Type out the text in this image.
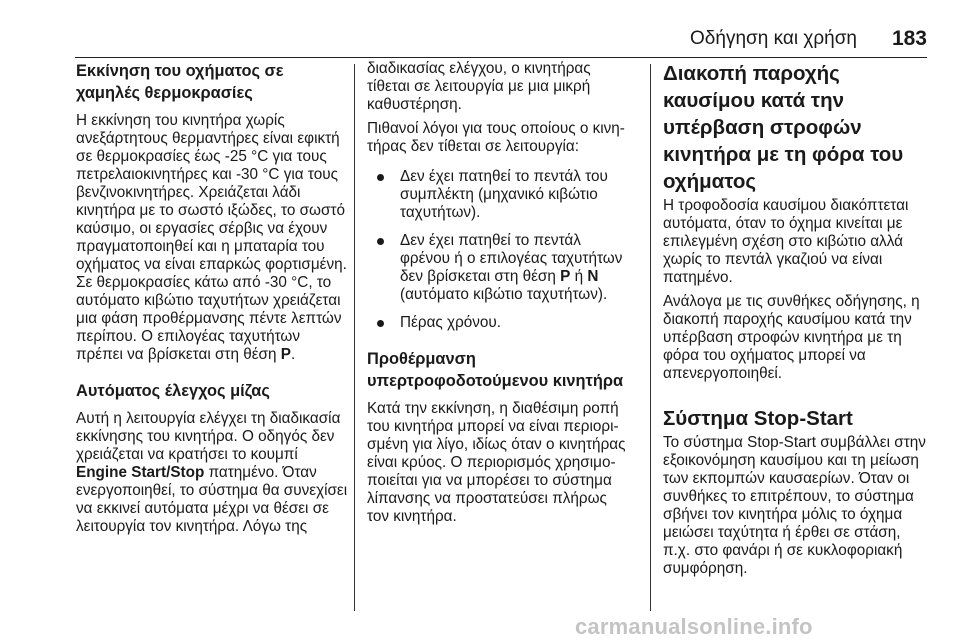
Οδήγηση και χρήση 183
Εκκίνηση του οχήματος σε χαμηλές θερμοκρασίες

Η εκκίνηση του κινητήρα χωρίς ανεξάρτητους θερμαντήρες είναι εφικτή σε θερμοκρασίες έως -25 °C για τους πετρελαιοκινητήρες και -30 °C για τους βενζινοκινητήρες. Χρειάζεται λάδι κινητήρα με το σωστό ιξώδες, το σωστό καύσιμο, οι εργασίες σέρβις να έχουν πραγματοποιηθεί και η μπαταρία του οχήματος να είναι επαρκώς φορτισμένη. Σε θερμοκρασίες κάτω από -30 °C, το αυτόματο κιβώτιο ταχυτήτων χρειάζεται μια φάση προθέρμανσης πέντε λεπτών περίπου. Ο επιλογέας ταχυτήτων πρέπει να βρίσκεται στη θέση P.

Αυτόματος έλεγχος μίζας

Αυτή η λειτουργία ελέγχει τη διαδικασία εκκίνησης του κινητήρα. Ο οδηγός δεν χρειάζεται να κρατήσει το κουμπί Engine Start/Stop πατημένο. Όταν ενεργοποιηθεί, το σύστημα θα συνεχίσει να εκκινεί αυτόματα μέχρι να θέσει σε λειτουργία τον κινητήρα. Λόγω της

διαδικασίας ελέγχου, ο κινητήρας τίθεται σε λειτουργία με μια μικρή καθυστέρηση.

Πιθανοί λόγοι για τους οποίους ο κινητήρας δεν τίθεται σε λειτουργία:

Δεν έχει πατηθεί το πεντάλ του συμπλέκτη (μηχανικό κιβώτιο ταχυτήτων).
Δεν έχει πατηθεί το πεντάλ φρένου ή ο επιλογέας ταχυτήτων δεν βρίσκεται στη θέση P ή N (αυτόματο κιβώτιο ταχυτήτων).
Πέρας χρόνου.
Προθέρμανση υπερτροφοδοτούμενου κινητήρα

Κατά την εκκίνηση, η διαθέσιμη ροπή του κινητήρα μπορεί να είναι περιορισμένη για λίγο, ιδίως όταν ο κινητήρας είναι κρύος. Ο περιορισμός χρησιμοποιείται για να μπορέσει το σύστημα λίπανσης να προστατεύσει πλήρως τον κινητήρα.

Διακοπή παροχής καυσίμου κατά την υπέρβαση στροφών κινητήρα με τη φόρα του οχήματος

Η τροφοδοσία καυσίμου διακόπτεται αυτόματα, όταν το όχημα κινείται με επιλεγμένη σχέση στο κιβώτιο αλλά χωρίς το πεντάλ γκαζιού να είναι πατημένο.

Ανάλογα με τις συνθήκες οδήγησης, η διακοπή παροχής καυσίμου κατά την υπέρβαση στροφών κινητήρα με τη φόρα του οχήματος μπορεί να απενεργοποιηθεί.

Σύστημα Stop-Start

Το σύστημα Stop-Start συμβάλλει στην εξοικονόμηση καυσίμου και τη μείωση των εκπομπών καυσαερίων. Όταν οι συνθήκες το επιτρέπουν, το σύστημα σβήνει τον κινητήρα μόλις το όχημα μειώσει ταχύτητα ή έρθει σε στάση, π.χ. στο φανάρι ή σε κυκλοφοριακή συμφόρηση.

carmanualsonline.info
